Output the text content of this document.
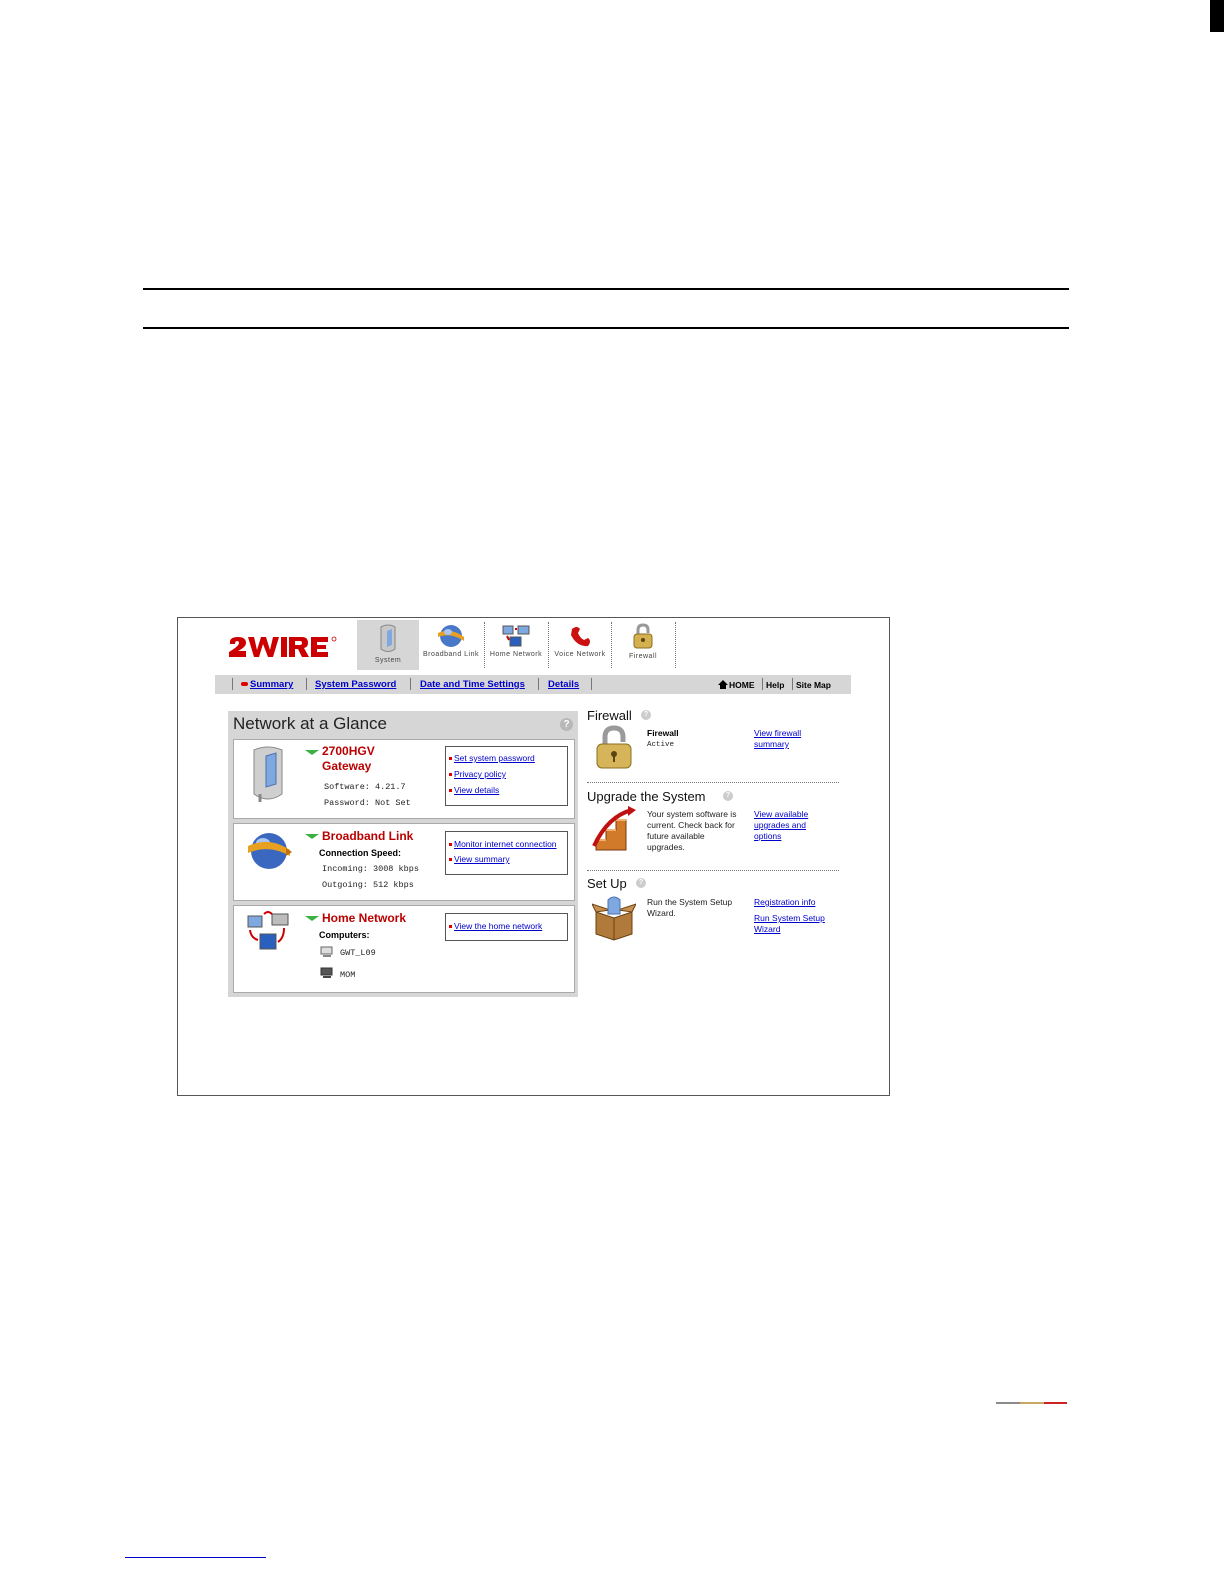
System
Broadband Link	Home Network	Voice Network	Firewall
Summary System Password Date and Time Settings Details	HOME Help Site Map
Network at a Glance	?
2700HGV Gateway
Software: 4.21.7
Password: Not Set
Set system password
Privacy policy
View details
Broadband Link
Connection Speed:
Incoming: 3008 kbps
Outgoing: 512 kbps
Monitor internet connection
View summary
Home Network
Computers:
GWT_L09
MOM
View the home network
Firewall	?
Firewall
Active
View firewall summary
Upgrade the System	?
Your system software is current. Check back for future available upgrades.
View available upgrades and options
Set Up	?
Run the System Setup Wizard.
Registration info
Run System Setup Wizard
